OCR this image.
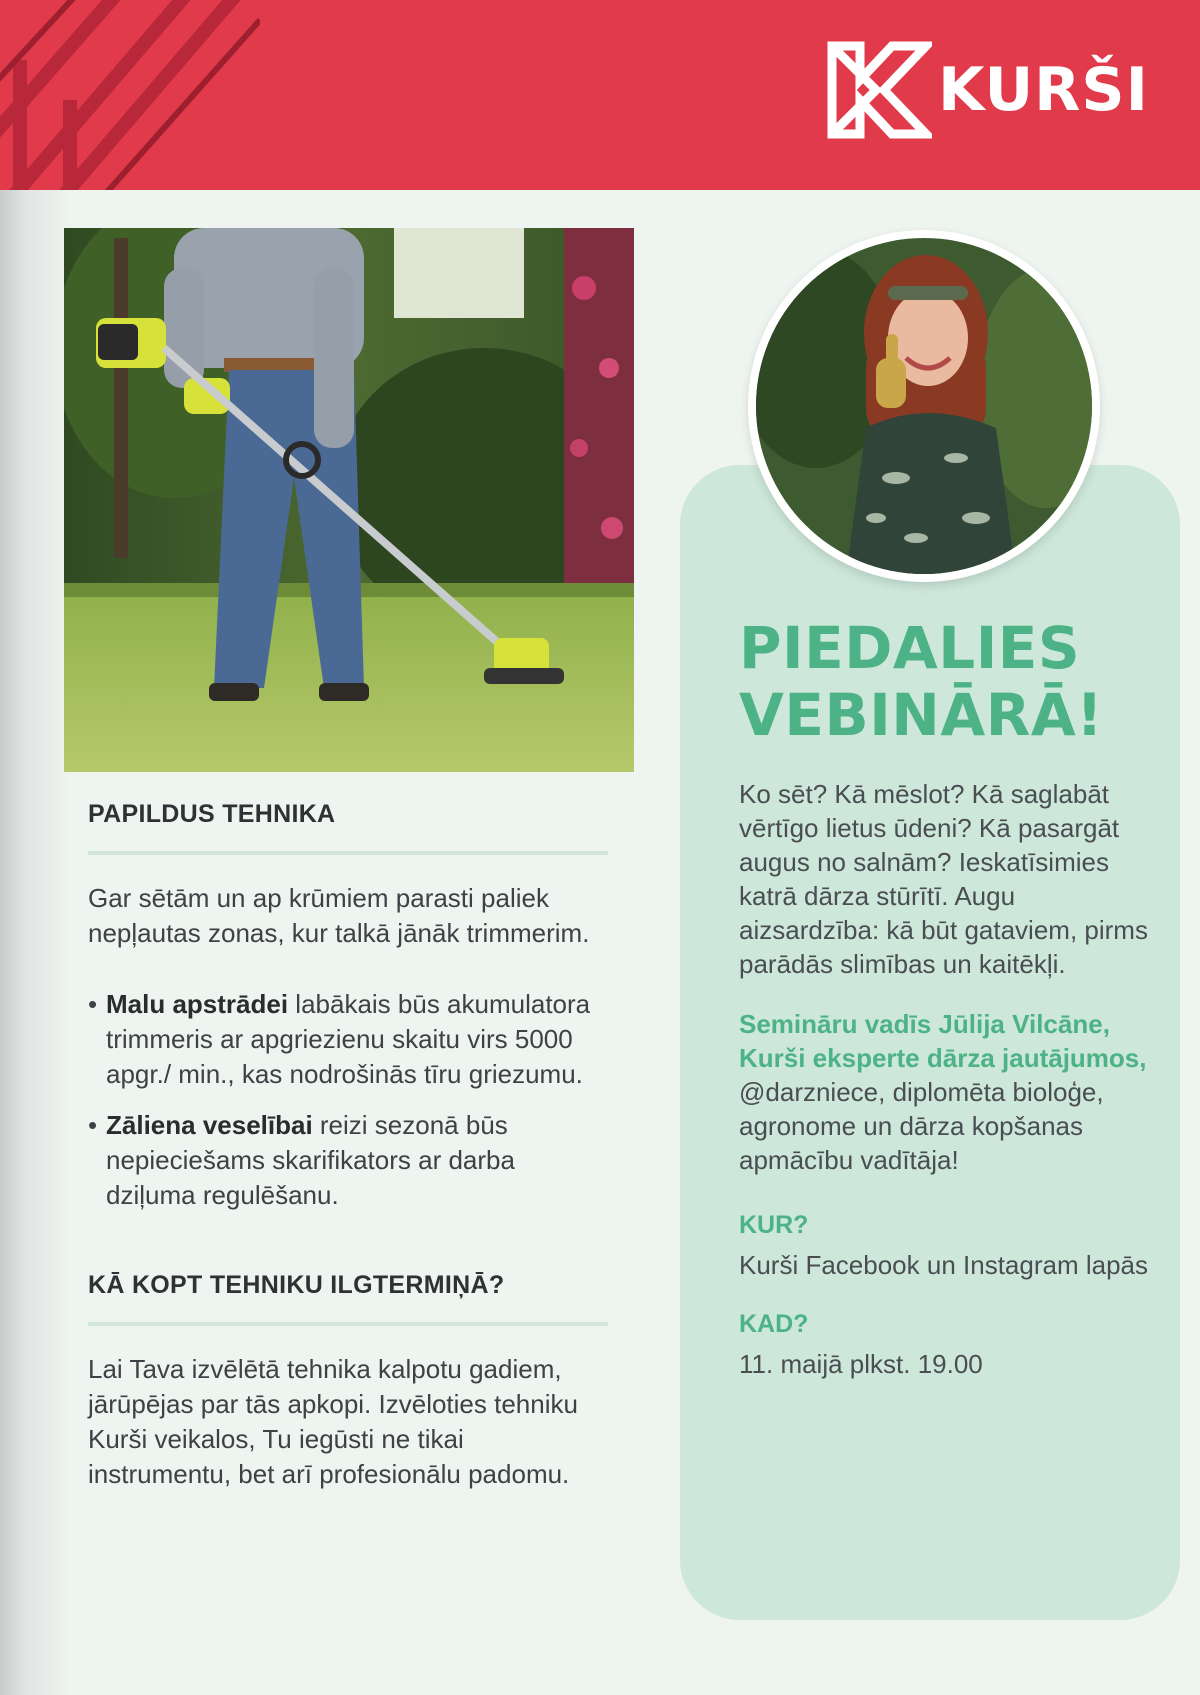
KURŠI
PAPILDUS TEHNIKA

Gar sētām un ap krūmiem parasti paliek nepļautas zonas, kur talkā jānāk trimmerim.

• Malu apstrādei labākais būs akumulatora trimmeris ar apgriezienu skaitu virs 5000 apgr./ min., kas nodrošinās tīru griezumu.
• Zāliena veselībai reizi sezonā būs nepieciešams skarifikators ar darba dziļuma regulēšanu.
KĀ KOPT TEHNIKU ILGTERMIŅĀ?

Lai Tava izvēlētā tehnika kalpotu gadiem, jārūpējas par tās apkopi. Izvēloties tehniku Kurši veikalos, Tu iegūsti ne tikai instrumentu, bet arī profesionālu padomu.

PIEDALIES
VEBINĀRĀ!

Ko sēt? Kā mēslot? Kā saglabāt vērtīgo lietus ūdeni? Kā pasargāt augus no salnām? Ieskatīsimies katrā dārza stūrītī. Augu aizsardzība: kā būt gataviem, pirms parādās slimības un kaitēkļi.

Semināru vadīs Jūlija Vilcāne, Kurši eksperte dārza jautājumos, @darzniece, diplomēta bioloģe, agronome un dārza kopšanas apmācību vadītāja!

KUR?

Kurši Facebook un Instagram lapās

KAD?

11. maijā plkst. 19.00
